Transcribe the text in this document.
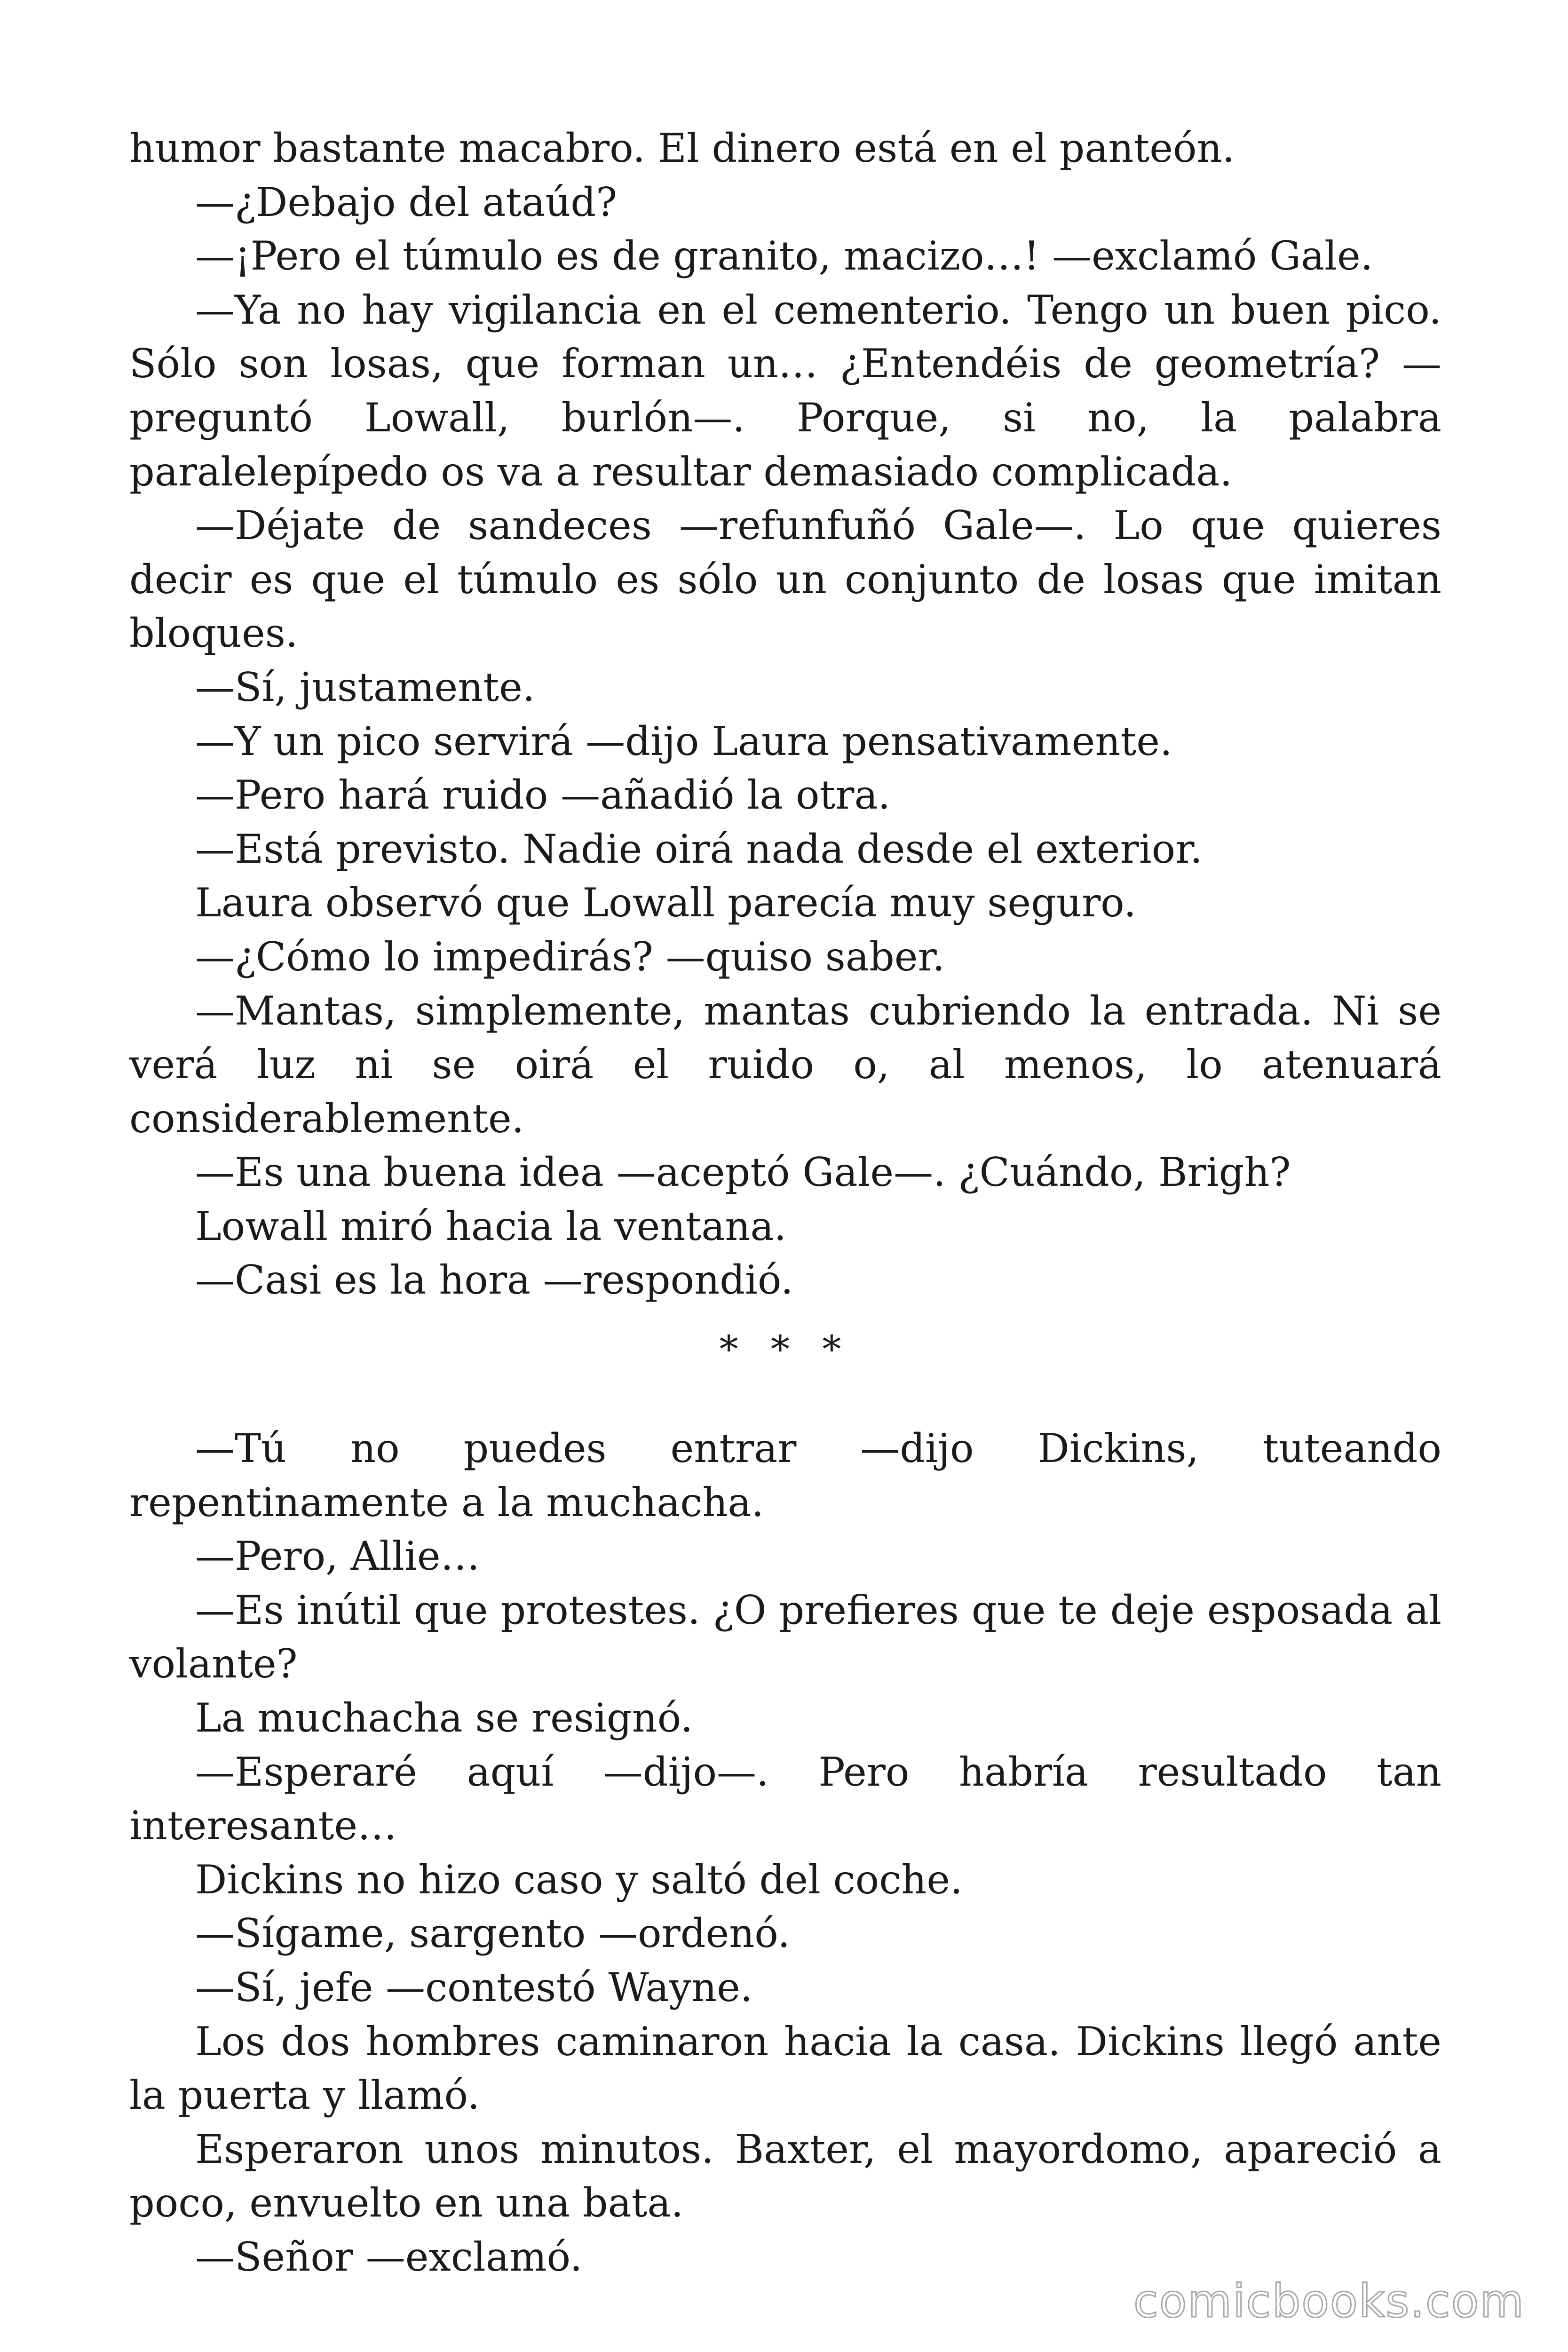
humor bastante macabro. El dinero está en el panteón.

—¿Debajo del ataúd?

—¡Pero el túmulo es de granito, macizo…! —exclamó Gale.

—Ya no hay vigilancia en el cementerio. Tengo un buen pico. Sólo son losas, que forman un… ¿Entendéis de geometría? — preguntó Lowall, burlón—. Porque, si no, la palabra paralelepípedo os va a resultar demasiado complicada.

—Déjate de sandeces —refunfuñó Gale—. Lo que quieres decir es que el túmulo es sólo un conjunto de losas que imitan bloques.

—Sí, justamente.

—Y un pico servirá —dijo Laura pensativamente.

—Pero hará ruido —añadió la otra.

—Está previsto. Nadie oirá nada desde el exterior.

Laura observó que Lowall parecía muy seguro.

—¿Cómo lo impedirás? —quiso saber.

—Mantas, simplemente, mantas cubriendo la entrada. Ni se verá luz ni se oirá el ruido o, al menos, lo atenuará considerablemente.

—Es una buena idea —aceptó Gale—. ¿Cuándo, Brigh?

Lowall miró hacia la ventana.

—Casi es la hora —respondió.

* * *

—Tú no puedes entrar —dijo Dickins, tuteando repentinamente a la muchacha.

—Pero, Allie…

—Es inútil que protestes. ¿O prefieres que te deje esposada al volante?

La muchacha se resignó.

—Esperaré aquí —dijo—. Pero habría resultado tan interesante…

Dickins no hizo caso y saltó del coche.

—Sígame, sargento —ordenó.

—Sí, jefe —contestó Wayne.

Los dos hombres caminaron hacia la casa. Dickins llegó ante la puerta y llamó.

Esperaron unos minutos. Baxter, el mayordomo, apareció a poco, envuelto en una bata.

—Señor —exclamó.

comicbooks.com
